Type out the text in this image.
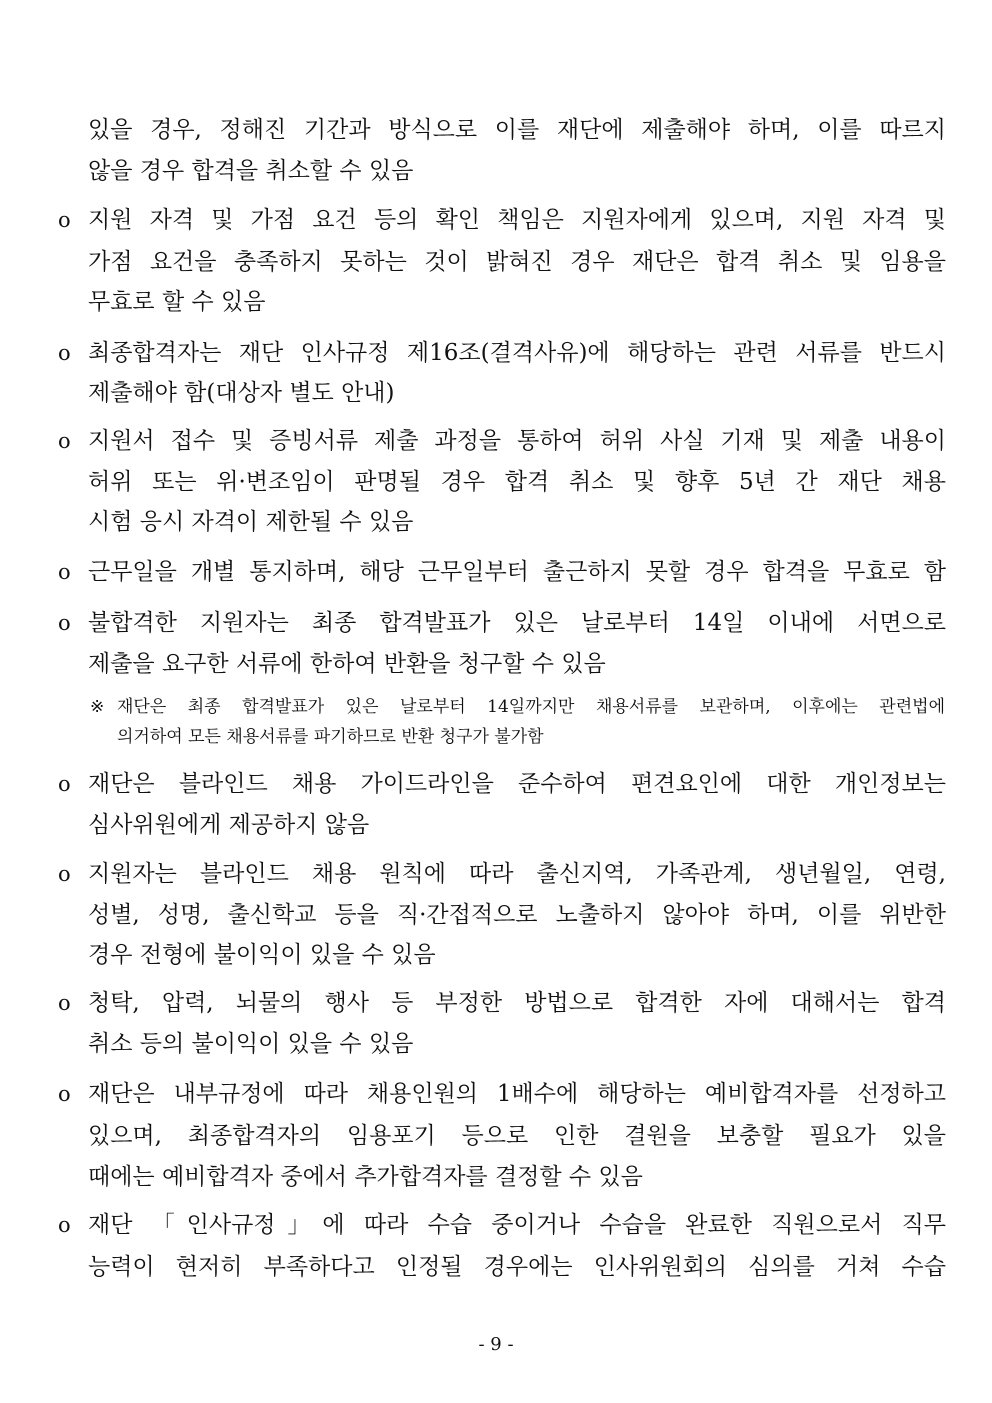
있을 경우, 정해진 기간과 방식으로 이를 재단에 제출해야 하며, 이를 따르지
않을 경우 합격을 취소할 수 있음
o 지원 자격 및 가점 요건 등의 확인 책임은 지원자에게 있으며, 지원 자격 및
가점 요건을 충족하지 못하는 것이 밝혀진 경우 재단은 합격 취소 및 임용을
무효로 할 수 있음
o 최종합격자는 재단 인사규정 제16조(결격사유)에 해당하는 관련 서류를 반드시
제출해야 함(대상자 별도 안내)
o 지원서 접수 및 증빙서류 제출 과정을 통하여 허위 사실 기재 및 제출 내용이
허위 또는 위·변조임이 판명될 경우 합격 취소 및 향후 5년 간 재단 채용
시험 응시 자격이 제한될 수 있음
o 근무일을 개별 통지하며, 해당 근무일부터 출근하지 못할 경우 합격을 무효로 함
o 불합격한 지원자는 최종 합격발표가 있은 날로부터 14일 이내에 서면으로
제출을 요구한 서류에 한하여 반환을 청구할 수 있음
※ 재단은 최종 합격발표가 있은 날로부터 14일까지만 채용서류를 보관하며, 이후에는 관련법에
의거하여 모든 채용서류를 파기하므로 반환 청구가 불가함
o 재단은 블라인드 채용 가이드라인을 준수하여 편견요인에 대한 개인정보는
심사위원에게 제공하지 않음
o 지원자는 블라인드 채용 원칙에 따라 출신지역, 가족관계, 생년월일, 연령,
성별, 성명, 출신학교 등을 직·간접적으로 노출하지 않아야 하며, 이를 위반한
경우 전형에 불이익이 있을 수 있음
o 청탁, 압력, 뇌물의 행사 등 부정한 방법으로 합격한 자에 대해서는 합격
취소 등의 불이익이 있을 수 있음
o 재단은 내부규정에 따라 채용인원의 1배수에 해당하는 예비합격자를 선정하고
있으며, 최종합격자의 임용포기 등으로 인한 결원을 보충할 필요가 있을
때에는 예비합격자 중에서 추가합격자를 결정할 수 있음
o 재단 「인사규정」에 따라 수습 중이거나 수습을 완료한 직원으로서 직무
능력이 현저히 부족하다고 인정될 경우에는 인사위원회의 심의를 거쳐 수습
- 9 -
